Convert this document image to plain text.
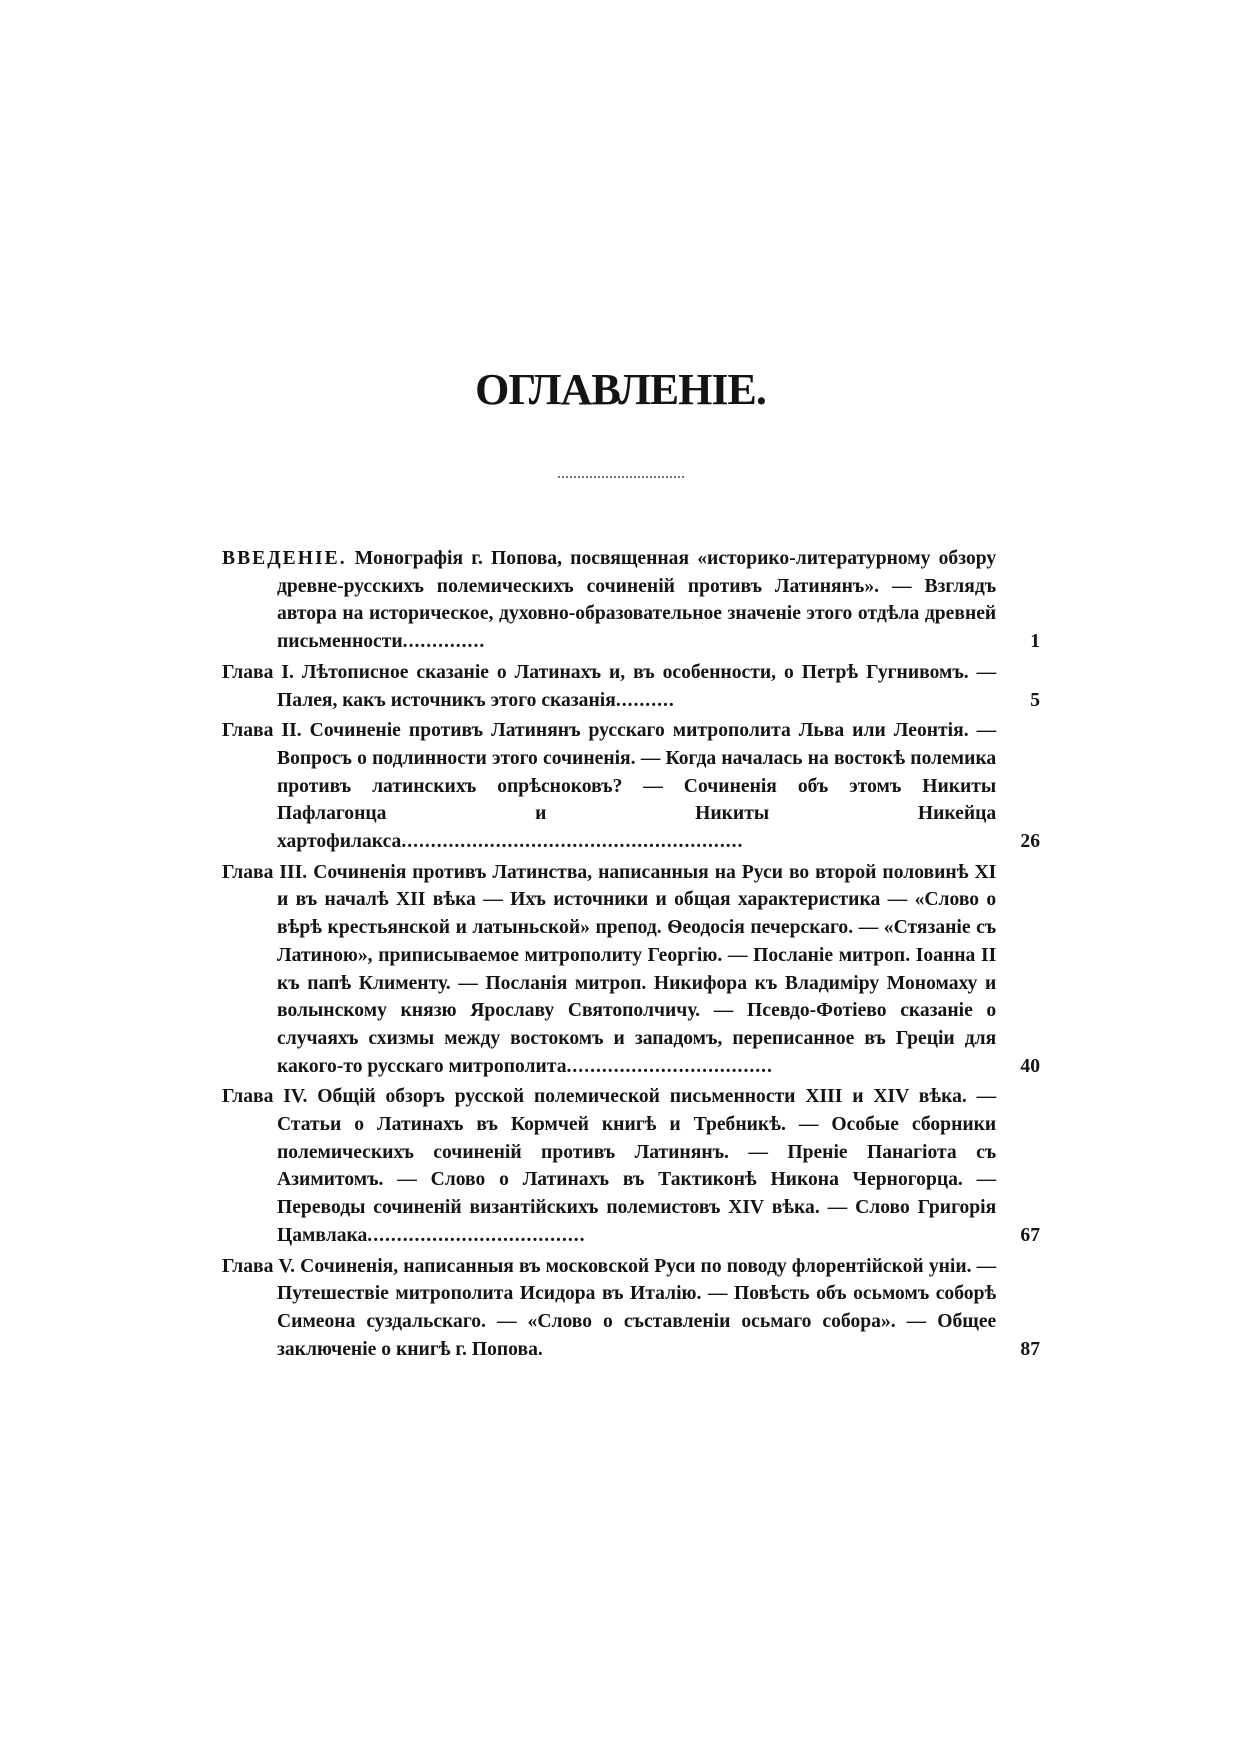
ОГЛАВЛЕНІЕ.
ВВЕДЕНІЕ. Монографія г. Попова, посвященная «историко-литературному обзору древне-русскихъ полемическихъ сочиненій противъ Латинянъ». — Взглядъ автора на историческое, духовно-образовательное значеніе этого отдѣла древней письменности..............	1
Глава I. Лѣтописное сказаніе о Латинахъ и, въ особенности, о Петрѣ Гугнивомъ. — Палея, какъ источникъ этого сказанія..........	5
Глава II. Сочиненіе противъ Латинянъ русскаго митрополита Льва или Леонтія. — Вопросъ о подлинности этого сочиненія. — Когда началась на востокѣ полемика противъ латинскихъ опрѣсноковъ? — Сочиненія объ этомъ Никиты Пафлагонца и Никиты Никейца хартофилакса..........................................................	26
Глава III. Сочиненія противъ Латинства, написанныя на Руси во второй половинѣ XI и въ началѣ XII вѣка — Ихъ источники и общая характеристика — «Слово о вѣрѣ крестьянской и латыньской» препод. Ѳеодосія печерскаго. — «Стязаніе съ Латиною», приписываемое митрополиту Георгію. — Посланіе митроп. Іоанна II къ папѣ Клименту. — Посланія митроп. Никифора къ Владиміру Мономаху и волынскому князю Ярославу Святополчичу. — Псевдо-Фотіево сказаніе о случаяхъ схизмы между востокомъ и западомъ, переписанное въ Греціи для какого-то русскаго митрополита...................................	40
Глава IV. Общій обзоръ русской полемической письменности XIII и XIV вѣка. — Статьи о Латинахъ въ Кормчей книгѣ и Требникѣ. — Особые сборники полемическихъ сочиненій противъ Латинянъ. — Преніе Панагіота съ Азимитомъ. — Слово о Латинахъ въ Тактиконѣ Никона Черногорца. — Переводы сочиненій византійскихъ полемистовъ XIV вѣка. — Слово Григорія Цамвлака.....................................	67
Глава V. Сочиненія, написанныя въ московской Руси по поводу флорентійской уніи. — Путешествіе митрополита Исидора въ Италію. — Повѣсть объ осьмомъ соборѣ Симеона суздальскаго. — «Слово о съставленіи осьмаго собора». — Общее заключеніе о книгѣ г. Попова.	87
